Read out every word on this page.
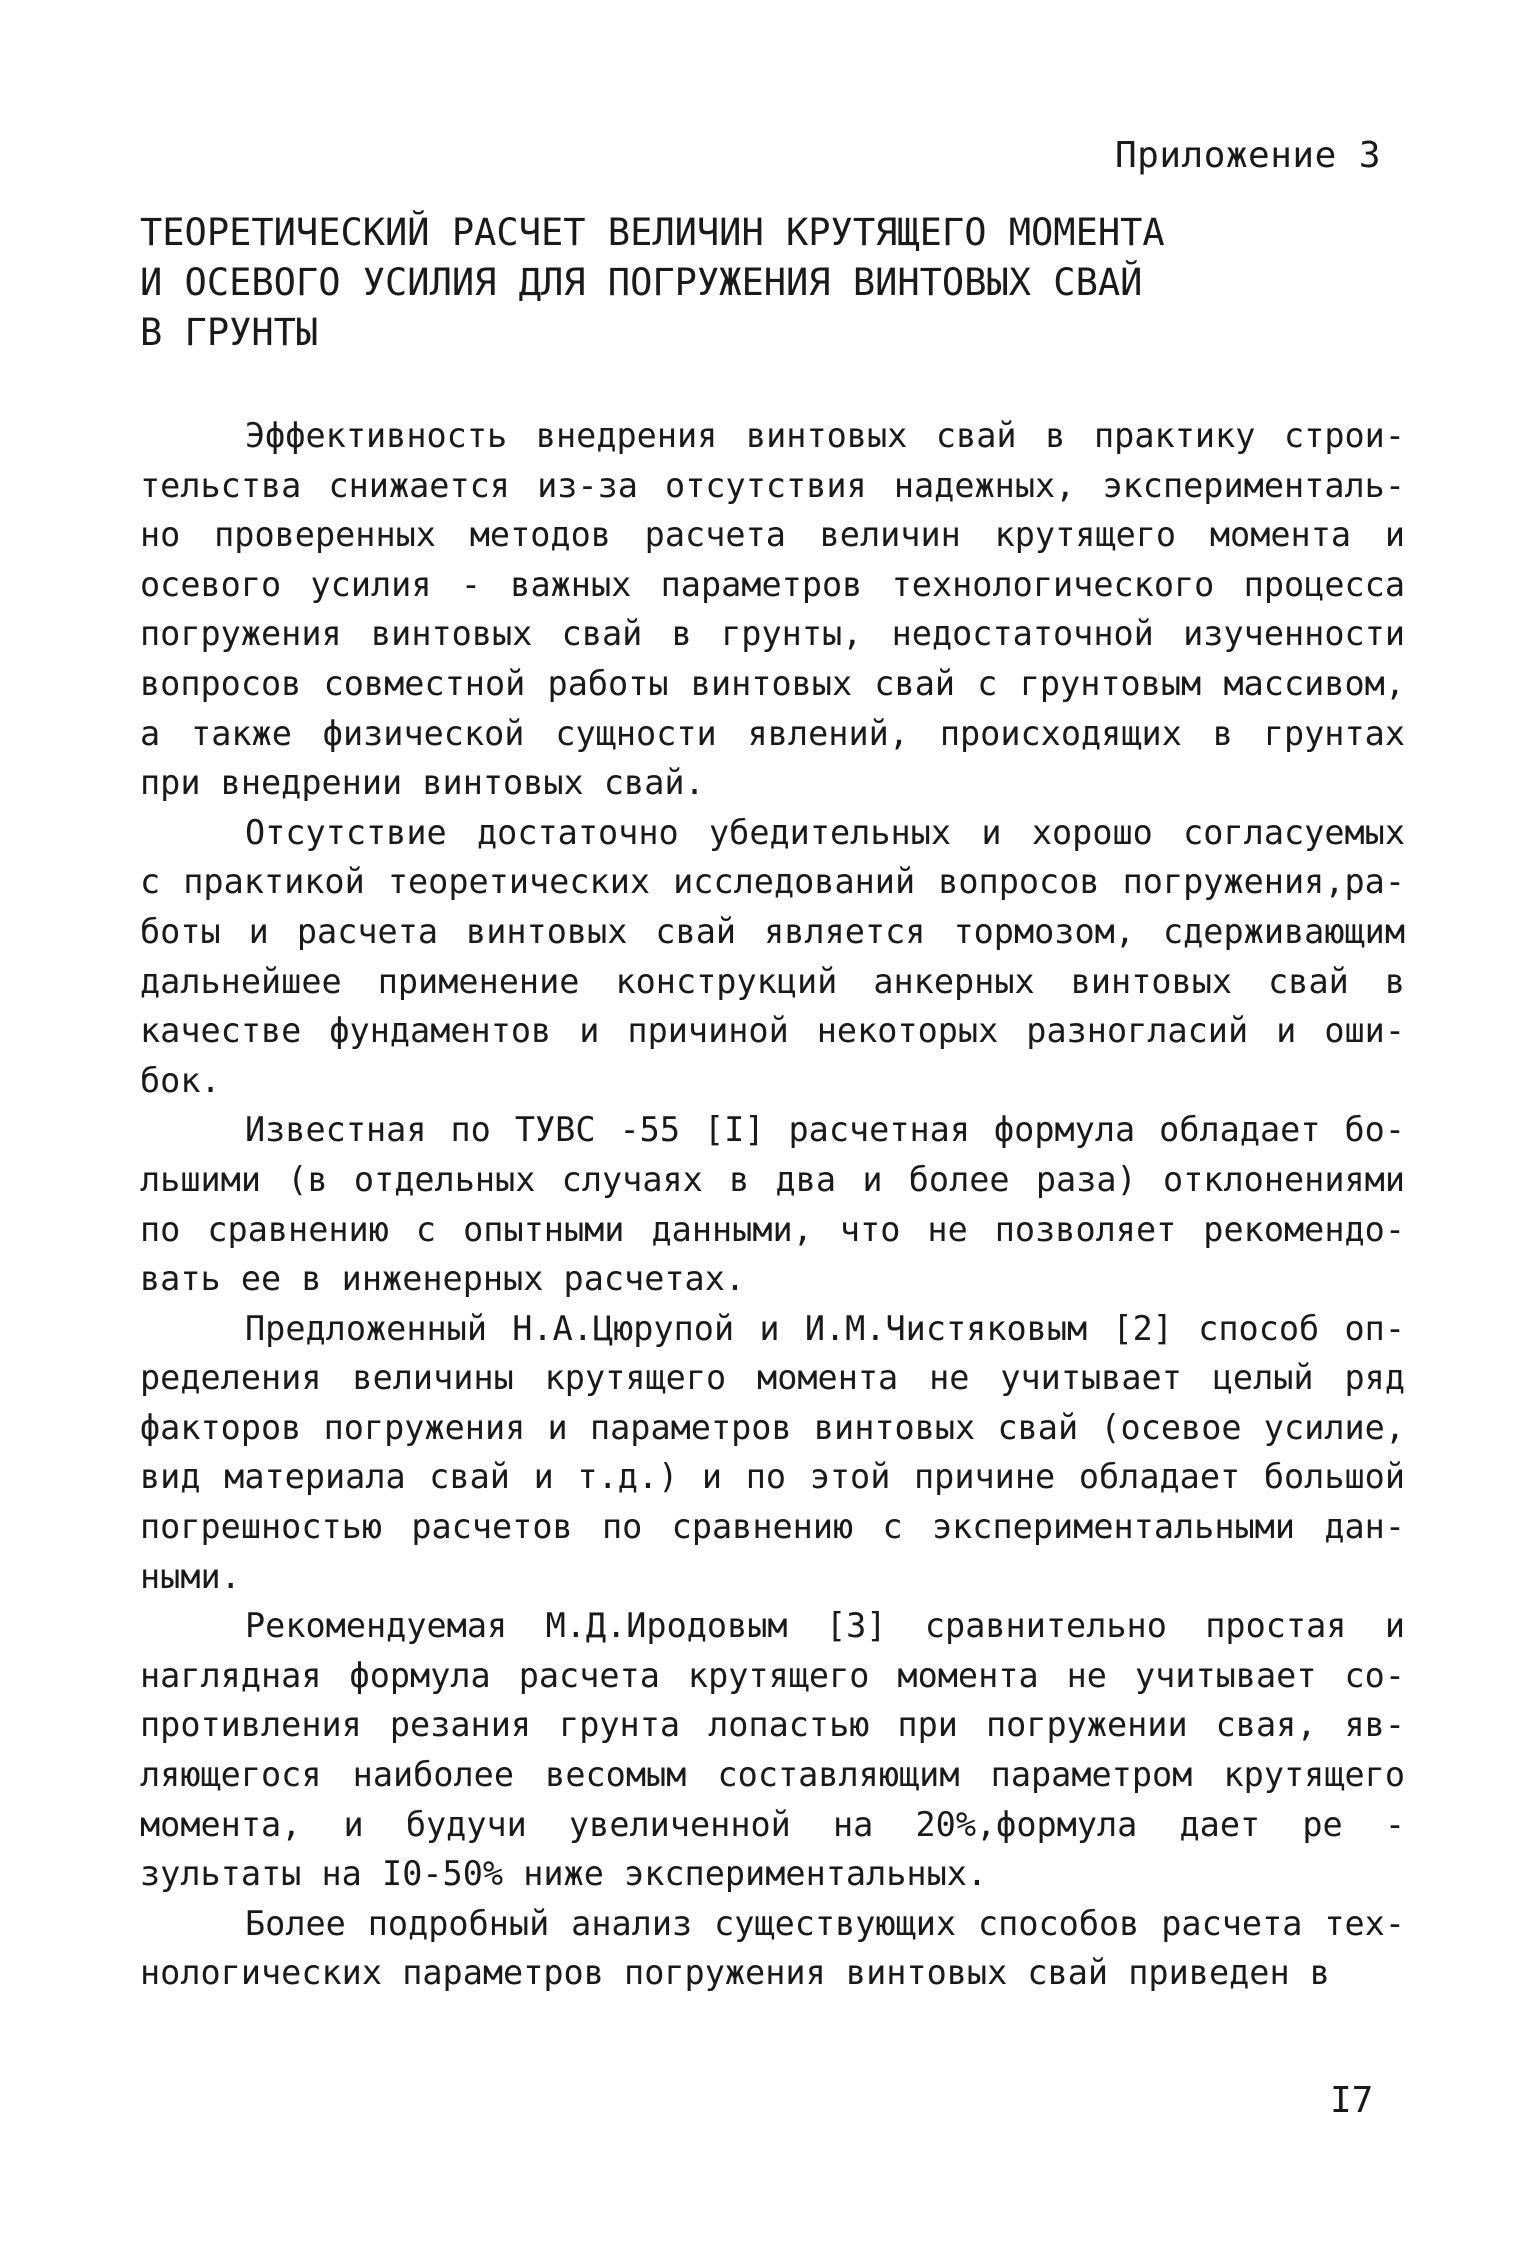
Приложение 3
ТЕОРЕТИЧЕСКИЙ РАСЧЕТ ВЕЛИЧИН КРУТЯЩЕГО МОМЕНТА
И ОСЕВОГО УСИЛИЯ ДЛЯ ПОГРУЖЕНИЯ ВИНТОВЫХ СВАЙ
В ГРУНТЫ
Эффективность внедрения винтовых свай в практику строи-
тельства снижается из-за отсутствия надежных, эксперименталь-
но проверенных методов расчета величин крутящего момента и
осевого усилия - важных параметров технологического процесса
погружения винтовых свай в грунты, недостаточной изученности
вопросов совместной работы винтовых свай с грунтовым массивом,
а также физической сущности явлений, происходящих в грунтах
при внедрении винтовых свай.
Отсутствие достаточно убедительных и хорошо согласуемых
с практикой теоретических исследований вопросов погружения,ра-
боты и расчета винтовых свай является тормозом, сдерживающим
дальнейшее применение конструкций анкерных винтовых свай в
качестве фундаментов и причиной некоторых разногласий и оши-
бок.
Известная по ТУВС -55 [I] расчетная формула обладает бо-
льшими (в отдельных случаях в два и более раза) отклонениями
по сравнению с опытными данными, что не позволяет рекомендо-
вать ее в инженерных расчетах.
Предложенный Н.А.Цюрупой и И.М.Чистяковым [2] способ оп-
ределения величины крутящего момента не учитывает целый ряд
факторов погружения и параметров винтовых свай (осевое усилие,
вид материала свай и т.д.) и по этой причине обладает большой
погрешностью расчетов по сравнению с экспериментальными дан-
ными.
Рекомендуемая М.Д.Иродовым [3] сравнительно простая и
наглядная формула расчета крутящего момента не учитывает со-
противления резания грунта лопастью при погружении свая, яв-
ляющегося наиболее весомым составляющим параметром крутящего
момента, и будучи увеличенной на 20%,формула дает ре -
зультаты на I0-50% ниже экспериментальных.
Более подробный анализ существующих способов расчета тех-
нологических параметров погружения винтовых свай приведен в
I7
